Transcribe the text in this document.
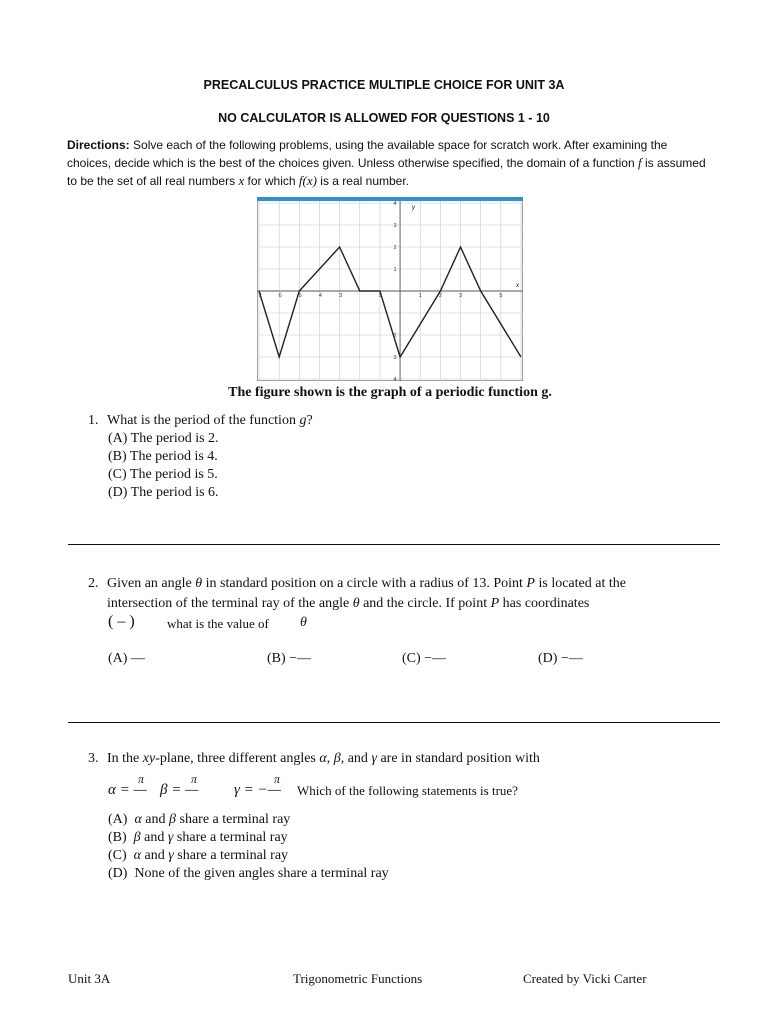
PRECALCULUS PRACTICE MULTIPLE CHOICE FOR UNIT 3A
NO CALCULATOR IS ALLOWED FOR QUESTIONS 1 - 10
Directions: Solve each of the following problems, using the available space for scratch work. After examining the choices, decide which is the best of the choices given. Unless otherwise specified, the domain of a function f is assumed to be the set of all real numbers x for which f(x) is a real number.
7	6	5	4	3	1	1	2	3	5
4
3
2
1
2
3
4
y
x
The figure shown is the graph of a periodic function g.
1. What is the period of the function g?
(A) The period is 2.
(B) The period is 4.
(C) The period is 5.
(D) The period is 6.
2. Given an angle θ in standard position on a circle with a radius of 13. Point P is located at the
intersection of the terminal ray of the angle θ and the circle. If point P has coordinates
( – ) what is the value of θ
(A) —	(B) −—	(C) −—	(D) −—
3. In the xy-plane, three different angles α, β, and γ are in standard position with
π	π	π
α = — β = — γ = −— Which of the following statements is true?
(A) α and β share a terminal ray
(B) β and γ share a terminal ray
(C) α and γ share a terminal ray
(D) None of the given angles share a terminal ray
Unit 3A	Trigonometric Functions	Created by Vicki Carter
